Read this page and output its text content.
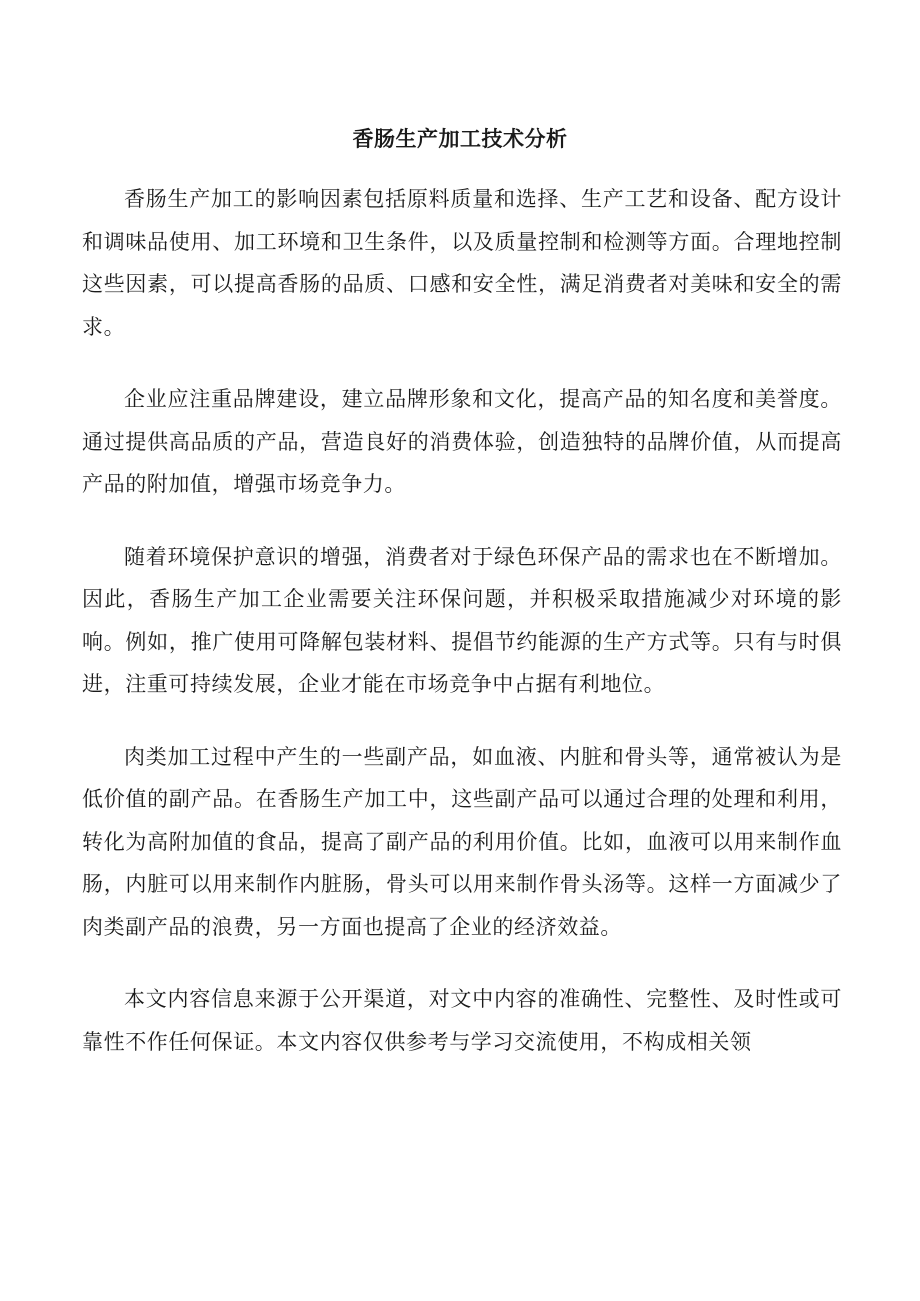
香肠生产加工技术分析

香肠生产加工的影响因素包括原料质量和选择、生产工艺和设备、配方设计和调味品使用、加工环境和卫生条件，以及质量控制和检测等方面。合理地控制这些因素，可以提高香肠的品质、口感和安全性，满足消费者对美味和安全的需求。

企业应注重品牌建设，建立品牌形象和文化，提高产品的知名度和美誉度。通过提供高品质的产品，营造良好的消费体验，创造独特的品牌价值，从而提高产品的附加值，增强市场竞争力。

随着环境保护意识的增强，消费者对于绿色环保产品的需求也在不断增加。因此，香肠生产加工企业需要关注环保问题，并积极采取措施减少对环境的影响。例如，推广使用可降解包装材料、提倡节约能源的生产方式等。只有与时俱进，注重可持续发展，企业才能在市场竞争中占据有利地位。

肉类加工过程中产生的一些副产品，如血液、内脏和骨头等，通常被认为是低价值的副产品。在香肠生产加工中，这些副产品可以通过合理的处理和利用，转化为高附加值的食品，提高了副产品的利用价值。比如，血液可以用来制作血肠，内脏可以用来制作内脏肠，骨头可以用来制作骨头汤等。这样一方面减少了肉类副产品的浪费，另一方面也提高了企业的经济效益。

本文内容信息来源于公开渠道，对文中内容的准确性、完整性、及时性或可靠性不作任何保证。本文内容仅供参考与学习交流使用，不构成相关领
